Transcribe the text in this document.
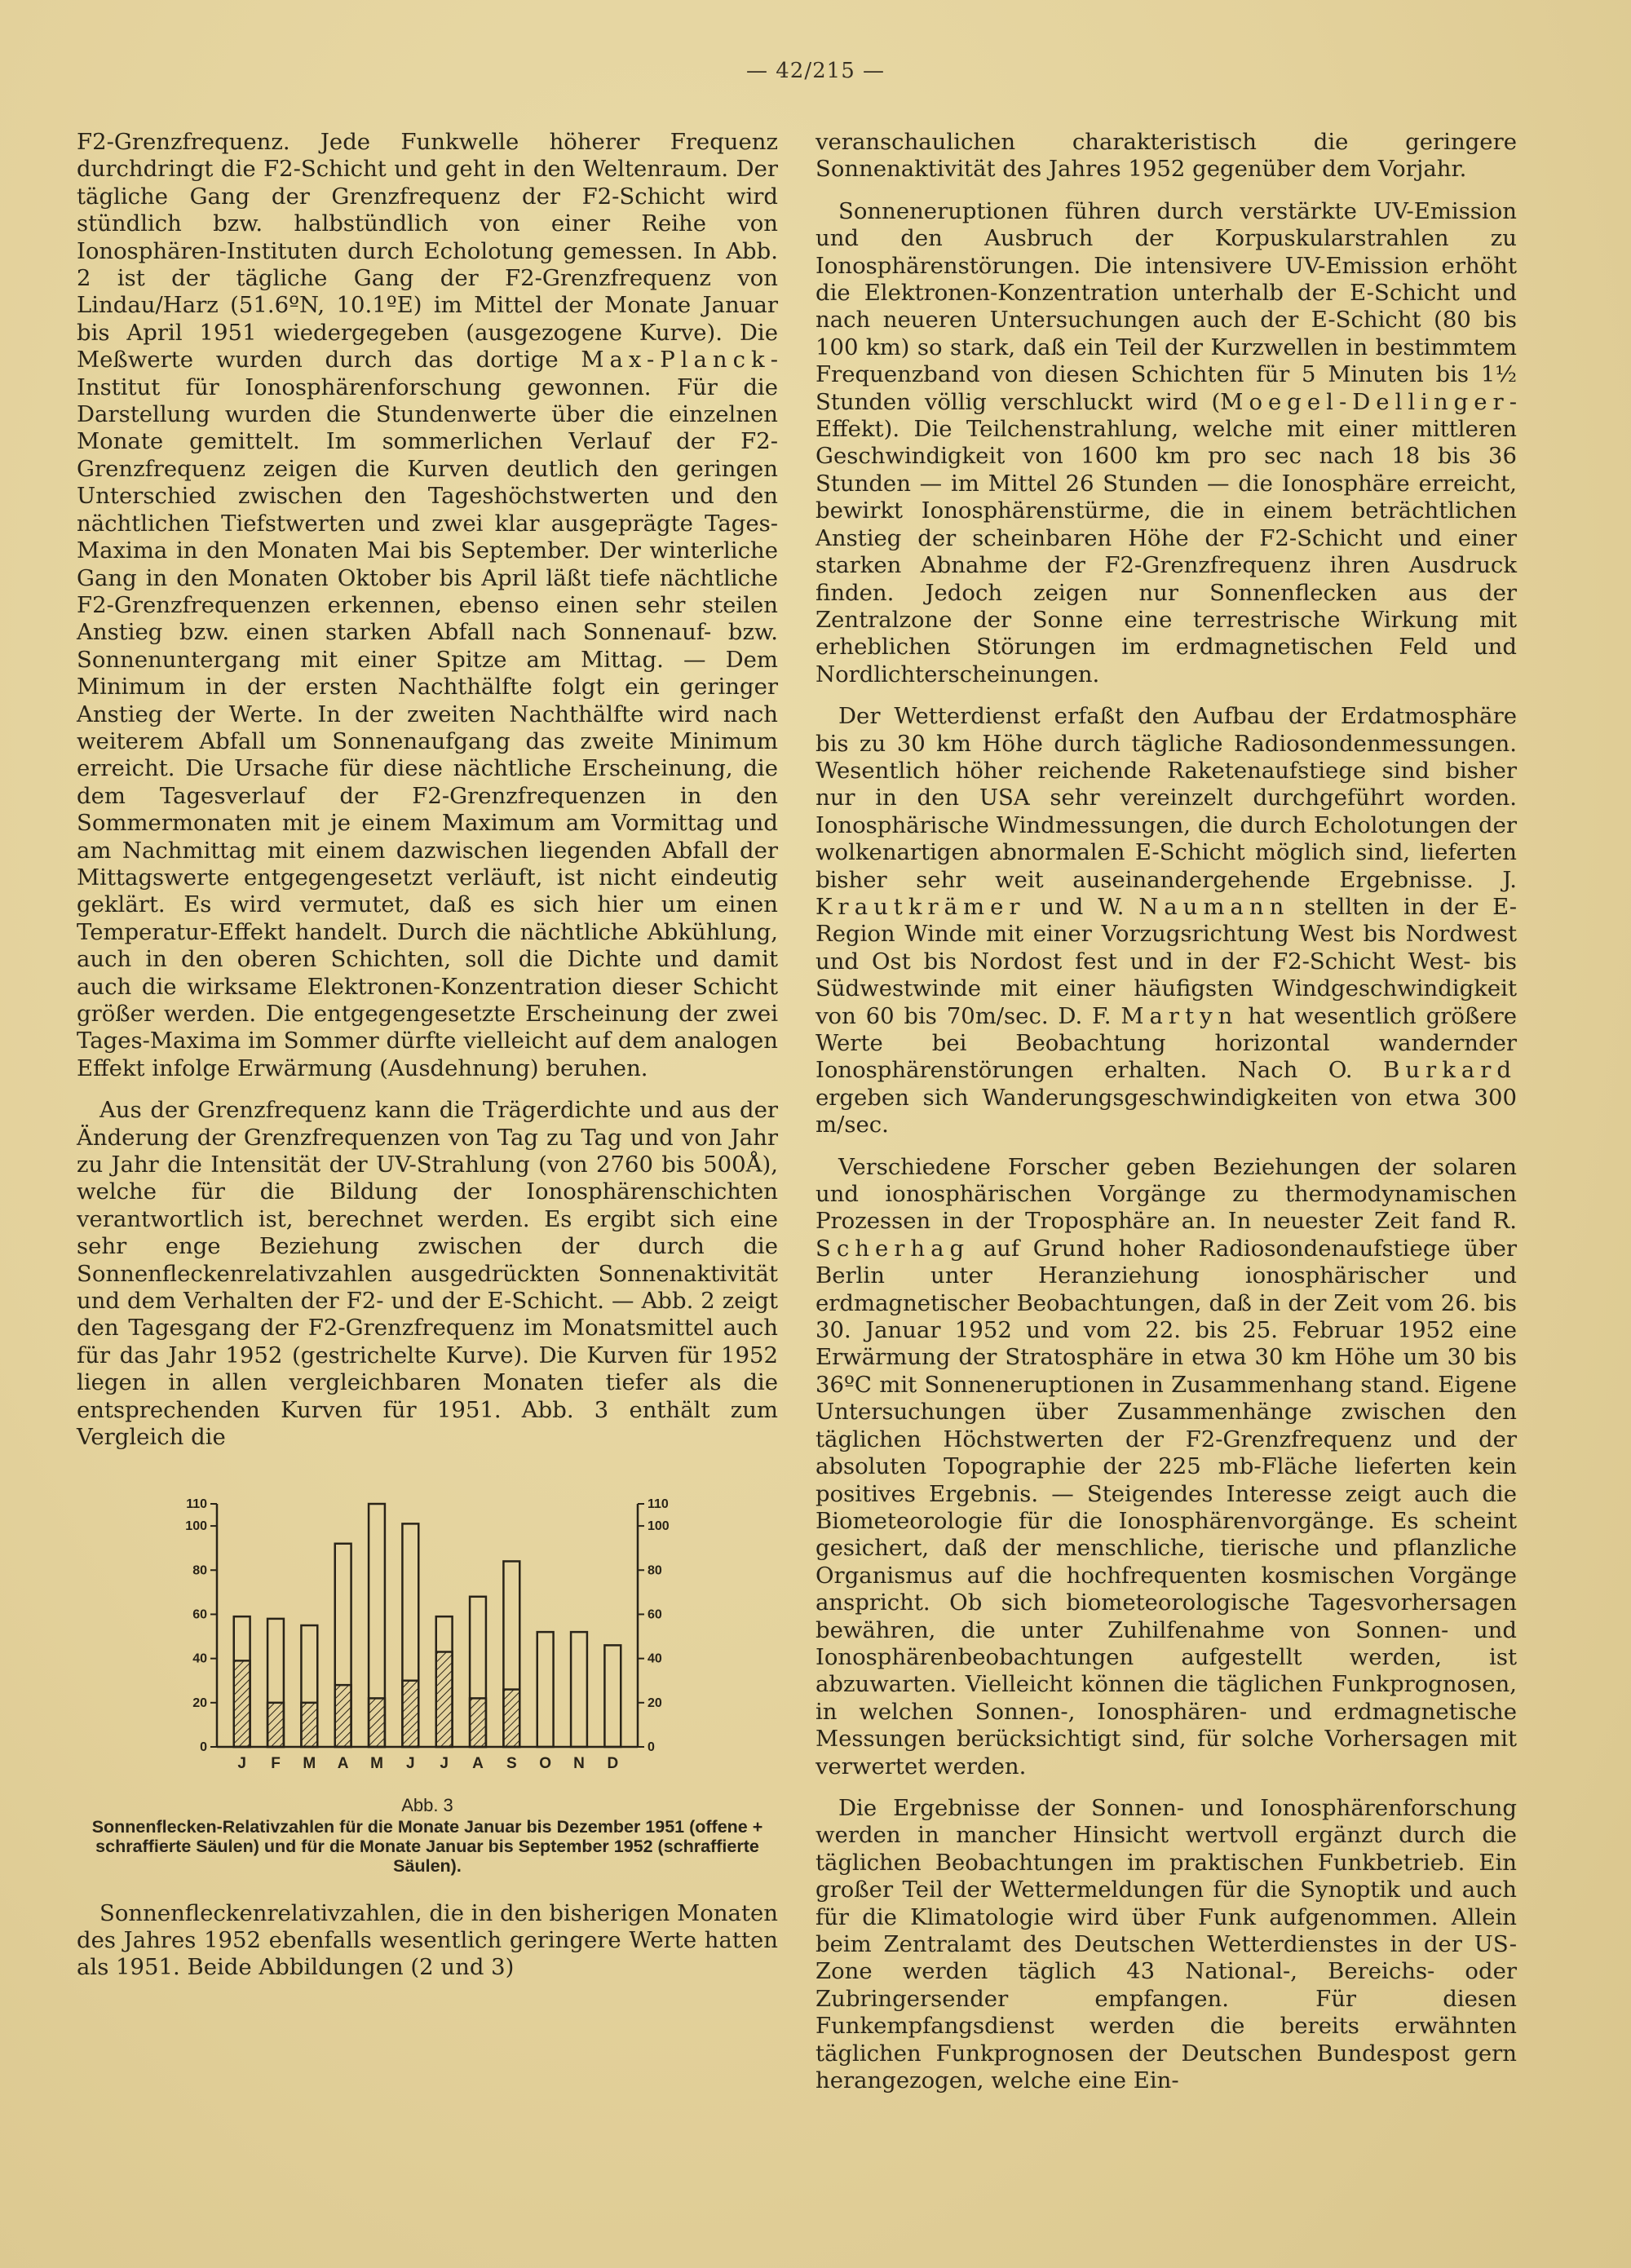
— 42/215 —

F2-Grenzfrequenz. Jede Funkwelle höherer Frequenz durchdringt die F2-Schicht und geht in den Weltenraum. Der tägliche Gang der Grenzfrequenz der F2-Schicht wird stündlich bzw. halbstündlich von einer Reihe von Ionosphären-Instituten durch Echolotung gemessen. In Abb. 2 ist der tägliche Gang der F2-Grenzfrequenz von Lindau/Harz (51.6ºN, 10.1ºE) im Mittel der Monate Januar bis April 1951 wiedergegeben (ausgezogene Kurve). Die Meßwerte wurden durch das dortige Max-Planck-Institut für Ionosphärenforschung gewonnen. Für die Darstellung wurden die Stundenwerte über die einzelnen Monate gemittelt. Im sommerlichen Verlauf der F2-Grenzfrequenz zeigen die Kurven deutlich den geringen Unterschied zwischen den Tageshöchstwerten und den nächtlichen Tiefstwerten und zwei klar ausgeprägte Tages-Maxima in den Monaten Mai bis September. Der winterliche Gang in den Monaten Oktober bis April läßt tiefe nächtliche F2-Grenzfrequenzen erkennen, ebenso einen sehr steilen Anstieg bzw. einen starken Abfall nach Sonnenauf- bzw. Sonnenuntergang mit einer Spitze am Mittag. — Dem Minimum in der ersten Nachthälfte folgt ein geringer Anstieg der Werte. In der zweiten Nachthälfte wird nach weiterem Abfall um Sonnenaufgang das zweite Minimum erreicht. Die Ursache für diese nächtliche Erscheinung, die dem Tagesverlauf der F2-Grenzfrequenzen in den Sommermonaten mit je einem Maximum am Vormittag und am Nachmittag mit einem dazwischen liegenden Abfall der Mittagswerte entgegengesetzt verläuft, ist nicht eindeutig geklärt. Es wird vermutet, daß es sich hier um einen Temperatur-Effekt handelt. Durch die nächtliche Abkühlung, auch in den oberen Schichten, soll die Dichte und damit auch die wirksame Elektronen-Konzentration dieser Schicht größer werden. Die entgegengesetzte Erscheinung der zwei Tages-Maxima im Sommer dürfte vielleicht auf dem analogen Effekt infolge Erwärmung (Ausdehnung) beruhen.

Aus der Grenzfrequenz kann die Trägerdichte und aus der Änderung der Grenzfrequenzen von Tag zu Tag und von Jahr zu Jahr die Intensität der UV-Strahlung (von 2760 bis 500Å), welche für die Bildung der Ionosphärenschichten verantwortlich ist, berechnet werden. Es ergibt sich eine sehr enge Beziehung zwischen der durch die Sonnenfleckenrelativzahlen ausgedrückten Sonnenaktivität und dem Verhalten der F2- und der E-Schicht. — Abb. 2 zeigt den Tagesgang der F2-Grenzfrequenz im Monatsmittel auch für das Jahr 1952 (gestrichelte Kurve). Die Kurven für 1952 liegen in allen vergleichbaren Monaten tiefer als die entsprechenden Kurven für 1951. Abb. 3 enthält zum Vergleich die

0	0
20	20
40	40
60	60
80	80
100	100
110	110
J F M A M J J A S O N D
Abb. 3
Sonnenflecken-Relativzahlen für die Monate Januar bis Dezember 1951 (offene + schraffierte Säulen) und für die Monate Januar bis September 1952 (schraffierte Säulen).

Sonnenfleckenrelativzahlen, die in den bisherigen Monaten des Jahres 1952 ebenfalls wesentlich geringere Werte hatten als 1951. Beide Abbildungen (2 und 3)

veranschaulichen charakteristisch die geringere Sonnenaktivität des Jahres 1952 gegenüber dem Vorjahr.

Sonneneruptionen führen durch verstärkte UV-Emission und den Ausbruch der Korpuskularstrahlen zu Ionosphärenstörungen. Die intensivere UV-Emission erhöht die Elektronen-Konzentration unterhalb der E-Schicht und nach neueren Untersuchungen auch der E-Schicht (80 bis 100 km) so stark, daß ein Teil der Kurzwellen in bestimmtem Frequenzband von diesen Schichten für 5 Minuten bis 1½ Stunden völlig verschluckt wird (Moegel-Dellinger-Effekt). Die Teilchenstrahlung, welche mit einer mittleren Geschwindigkeit von 1600 km pro sec nach 18 bis 36 Stunden — im Mittel 26 Stunden — die Ionosphäre erreicht, bewirkt Ionosphärenstürme, die in einem beträchtlichen Anstieg der scheinbaren Höhe der F2-Schicht und einer starken Abnahme der F2-Grenzfrequenz ihren Ausdruck finden. Jedoch zeigen nur Sonnenflecken aus der Zentralzone der Sonne eine terrestrische Wirkung mit erheblichen Störungen im erdmagnetischen Feld und Nordlichterscheinungen.

Der Wetterdienst erfaßt den Aufbau der Erdatmosphäre bis zu 30 km Höhe durch tägliche Radiosondenmessungen. Wesentlich höher reichende Raketenaufstiege sind bisher nur in den USA sehr vereinzelt durchgeführt worden. Ionosphärische Windmessungen, die durch Echolotungen der wolkenartigen abnormalen E-Schicht möglich sind, lieferten bisher sehr weit auseinandergehende Ergebnisse. J. Krautkrämer und W. Naumann stellten in der E-Region Winde mit einer Vorzugsrichtung West bis Nordwest und Ost bis Nordost fest und in der F2-Schicht West- bis Südwestwinde mit einer häufigsten Windgeschwindigkeit von 60 bis 70m/sec. D. F. Martyn hat wesentlich größere Werte bei Beobachtung horizontal wandernder Ionosphärenstörungen erhalten. Nach O. Burkard ergeben sich Wanderungsgeschwindigkeiten von etwa 300 m/sec.

Verschiedene Forscher geben Beziehungen der solaren und ionosphärischen Vorgänge zu thermodynamischen Prozessen in der Troposphäre an. In neuester Zeit fand R. Scherhag auf Grund hoher Radiosondenaufstiege über Berlin unter Heranziehung ionosphärischer und erdmagnetischer Beobachtungen, daß in der Zeit vom 26. bis 30. Januar 1952 und vom 22. bis 25. Februar 1952 eine Erwärmung der Stratosphäre in etwa 30 km Höhe um 30 bis 36ºC mit Sonneneruptionen in Zusammenhang stand. Eigene Untersuchungen über Zusammenhänge zwischen den täglichen Höchstwerten der F2-Grenzfrequenz und der absoluten Topographie der 225 mb-Fläche lieferten kein positives Ergebnis. — Steigendes Interesse zeigt auch die Biometeorologie für die Ionosphärenvorgänge. Es scheint gesichert, daß der menschliche, tierische und pflanzliche Organismus auf die hochfrequenten kosmischen Vorgänge anspricht. Ob sich biometeorologische Tagesvorhersagen bewähren, die unter Zuhilfenahme von Sonnen- und Ionosphärenbeobachtungen aufgestellt werden, ist abzuwarten. Vielleicht können die täglichen Funkprognosen, in welchen Sonnen-, Ionosphären- und erdmagnetische Messungen berücksichtigt sind, für solche Vorhersagen mit verwertet werden.

Die Ergebnisse der Sonnen- und Ionosphärenforschung werden in mancher Hinsicht wertvoll ergänzt durch die täglichen Beobachtungen im praktischen Funkbetrieb. Ein großer Teil der Wettermeldungen für die Synoptik und auch für die Klimatologie wird über Funk aufgenommen. Allein beim Zentralamt des Deutschen Wetterdienstes in der US-Zone werden täglich 43 National-, Bereichs- oder Zubringersender empfangen. Für diesen Funkempfangsdienst werden die bereits erwähnten täglichen Funkprognosen der Deutschen Bundespost gern herangezogen, welche eine Ein-
